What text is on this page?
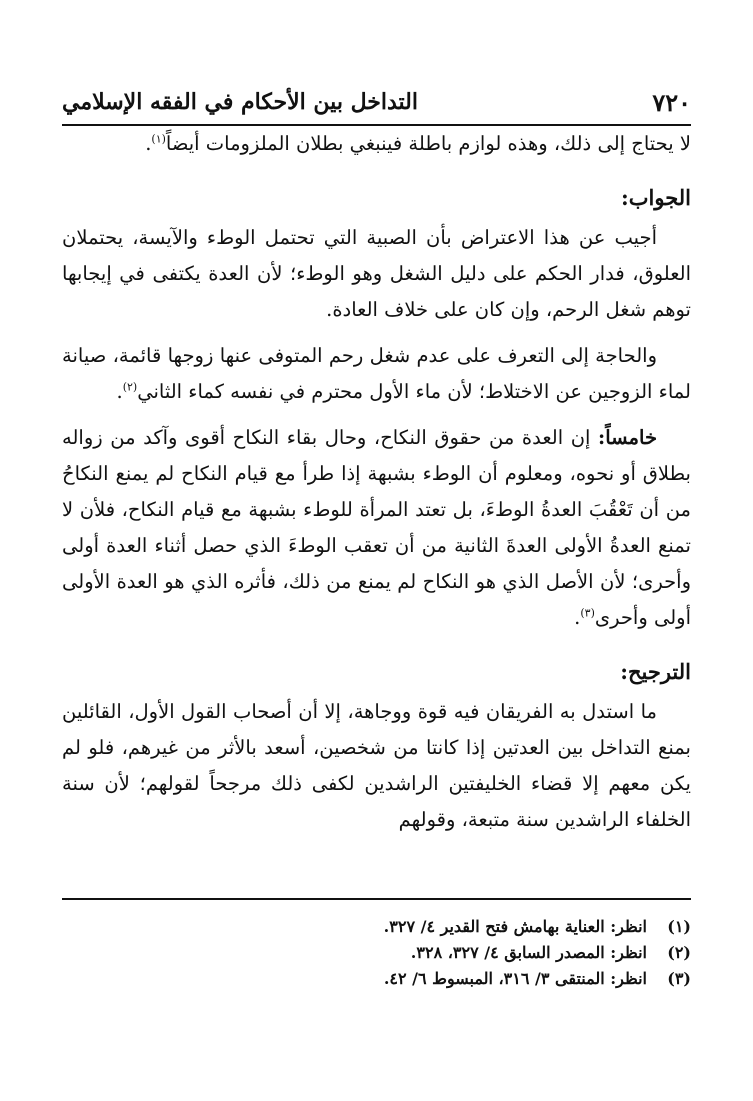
٧٢٠
التداخل بين الأحكام في الفقه الإسلامي

لا يحتاج إلى ذلك، وهذه لوازم باطلة فينبغي بطلان الملزومات أيضاً$^{(١)}$.

الجواب:

أجيب عن هذا الاعتراض بأن الصبية التي تحتمل الوطء والآيسة، يحتملان العلوق، فدار الحكم على دليل الشغل وهو الوطء؛ لأن العدة يكتفى في إيجابها توهم شغل الرحم، وإن كان على خلاف العادة.

والحاجة إلى التعرف على عدم شغل رحم المتوفى عنها زوجها قائمة، صيانة لماء الزوجين عن الاختلاط؛ لأن ماء الأول محترم في نفسه كماء الثاني$^{(٢)}$.

خامساً: إن العدة من حقوق النكاح، وحال بقاء النكاح أقوى وآكد من زواله بطلاق أو نحوه، ومعلوم أن الوطء بشبهة إذا طرأ مع قيام النكاح لم يمنع النكاحُ من أن تَعْقُبَ العدةُ الوطءَ، بل تعتد المرأة للوطء بشبهة مع قيام النكاح، فلأن لا تمنع العدةُ الأولى العدةَ الثانية من أن تعقب الوطءَ الذي حصل أثناء العدة أولى وأحرى؛ لأن الأصل الذي هو النكاح لم يمنع من ذلك، فأثره الذي هو العدة الأولى أولى وأحرى$^{(٣)}$.

الترجيح:

ما استدل به الفريقان فيه قوة ووجاهة، إلا أن أصحاب القول الأول، القائلين بمنع التداخل بين العدتين إذا كانتا من شخصين، أسعد بالأثر من غيرهم، فلو لم يكن معهم إلا قضاء الخليفتين الراشدين لكفى ذلك مرجحاً لقولهم؛ لأن سنة الخلفاء الراشدين سنة متبعة، وقولهم

(١)
انظر: العناية بهامش فتح القدير ٤/ ٣٢٧.
(٢)
انظر: المصدر السابق ٤/ ٣٢٧، ٣٢٨.
(٣)
انظر: المنتقى ٣/ ٣١٦، المبسوط ٦/ ٤٢.
